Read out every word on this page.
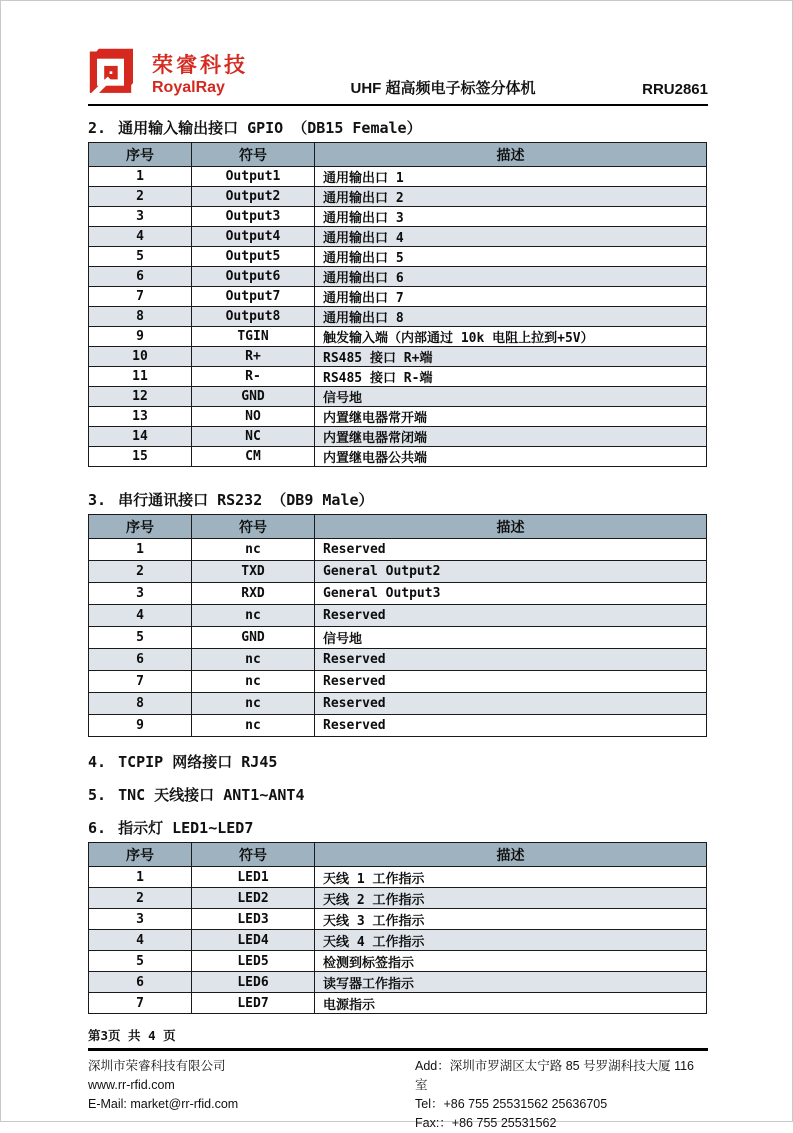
荣睿科技
RoyalRay	UHF 超高频电子标签分体机	RRU2861
2. 通用输入输出接口 GPIO （DB15 Female）
序号	符号	描述
1	Output1	通用输出口 1
2	Output2	通用输出口 2
3	Output3	通用输出口 3
4	Output4	通用输出口 4
5	Output5	通用输出口 5
6	Output6	通用输出口 6
7	Output7	通用输出口 7
8	Output8	通用输出口 8
9	TGIN	触发输入端（内部通过 10k 电阻上拉到+5V）
10	R+	RS485 接口 R+端
11	R-	RS485 接口 R-端
12	GND	信号地
13	NO	内置继电器常开端
14	NC	内置继电器常闭端
15	CM	内置继电器公共端
3. 串行通讯接口 RS232 （DB9 Male）
序号	符号	描述
1	nc	Reserved
2	TXD	General Output2
3	RXD	General Output3
4	nc	Reserved
5	GND	信号地
6	nc	Reserved
7	nc	Reserved
8	nc	Reserved
9	nc	Reserved
4. TCPIP 网络接口 RJ45
5. TNC 天线接口 ANT1~ANT4
6. 指示灯 LED1~LED7
序号	符号	描述
1	LED1	天线 1 工作指示
2	LED2	天线 2 工作指示
3	LED3	天线 3 工作指示
4	LED4	天线 4 工作指示
5	LED5	检测到标签指示
6	LED6	读写器工作指示
7	LED7	电源指示
第3页 共 4 页
深圳市荣睿科技有限公司
www.rr-rfid.com
E-Mail: market@rr-rfid.com
Add：深圳市罗湖区太宁路 85 号罗湖科技大厦 116 室
Tel：+86 755 25531562 25636705
Fax:：+86 755 25531562
